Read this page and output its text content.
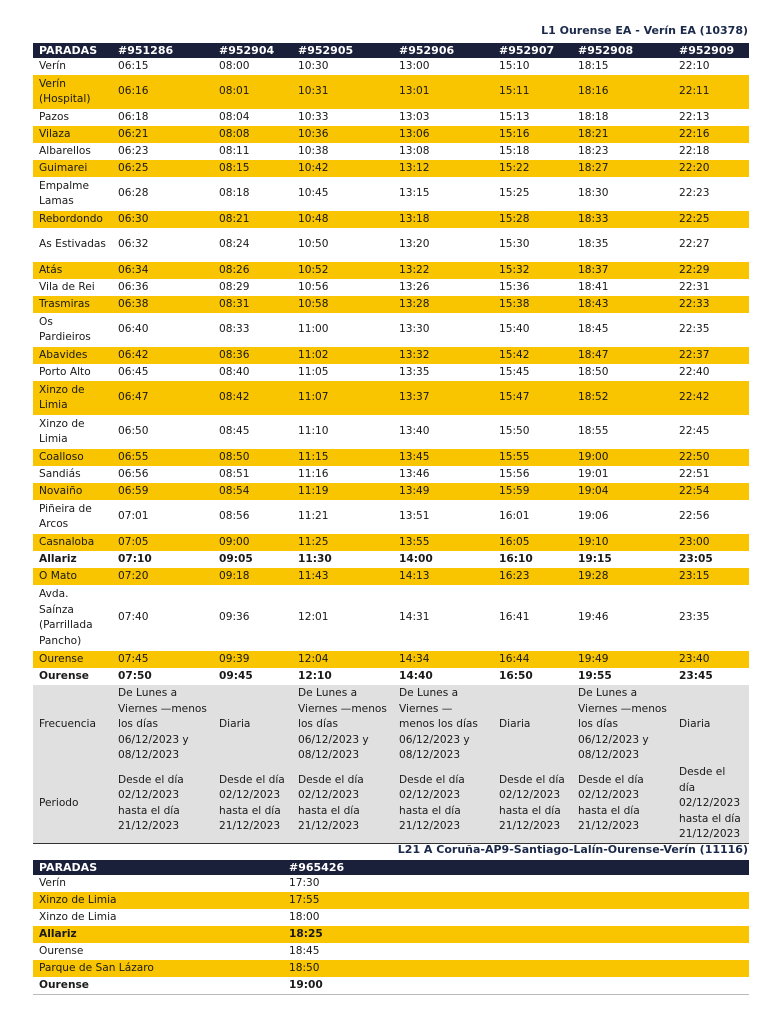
L1 Ourense EA - Verín EA (10378)
PARADAS	#951286	#952904	#952905	#952906	#952907	#952908	#952909
Verín	06:15	08:00	10:30	13:00	15:10	18:15	22:10
Verín (Hospital)	06:16	08:01	10:31	13:01	15:11	18:16	22:11
Pazos	06:18	08:04	10:33	13:03	15:13	18:18	22:13
Vilaza	06:21	08:08	10:36	13:06	15:16	18:21	22:16
Albarellos	06:23	08:11	10:38	13:08	15:18	18:23	22:18
Guimarei	06:25	08:15	10:42	13:12	15:22	18:27	22:20
Empalme Lamas	06:28	08:18	10:45	13:15	15:25	18:30	22:23
Rebordondo	06:30	08:21	10:48	13:18	15:28	18:33	22:25
As Estivadas	06:32	08:24	10:50	13:20	15:30	18:35	22:27
Atás	06:34	08:26	10:52	13:22	15:32	18:37	22:29
Vila de Rei	06:36	08:29	10:56	13:26	15:36	18:41	22:31
Trasmiras	06:38	08:31	10:58	13:28	15:38	18:43	22:33
Os Pardieiros	06:40	08:33	11:00	13:30	15:40	18:45	22:35
Abavides	06:42	08:36	11:02	13:32	15:42	18:47	22:37
Porto Alto	06:45	08:40	11:05	13:35	15:45	18:50	22:40
Xinzo de Limia	06:47	08:42	11:07	13:37	15:47	18:52	22:42
Xinzo de Limia	06:50	08:45	11:10	13:40	15:50	18:55	22:45
Coalloso	06:55	08:50	11:15	13:45	15:55	19:00	22:50
Sandiás	06:56	08:51	11:16	13:46	15:56	19:01	22:51
Novaiño	06:59	08:54	11:19	13:49	15:59	19:04	22:54
Piñeira de Arcos	07:01	08:56	11:21	13:51	16:01	19:06	22:56
Casnaloba	07:05	09:00	11:25	13:55	16:05	19:10	23:00
Allariz	07:10	09:05	11:30	14:00	16:10	19:15	23:05
O Mato	07:20	09:18	11:43	14:13	16:23	19:28	23:15
Avda. Saínza (Parrillada Pancho)	07:40	09:36	12:01	14:31	16:41	19:46	23:35
Ourense	07:45	09:39	12:04	14:34	16:44	19:49	23:40
Ourense	07:50	09:45	12:10	14:40	16:50	19:55	23:45
Frecuencia	De Lunes a Viernes —menos los días 06/12/2023 y 08/12/2023	Diaria	De Lunes a Viernes —menos los días 06/12/2023 y 08/12/2023	De Lunes a Viernes —menos los días 06/12/2023 y 08/12/2023	Diaria	De Lunes a Viernes —menos los días 06/12/2023 y 08/12/2023	Diaria
Periodo	Desde el día 02/12/2023 hasta el día 21/12/2023	Desde el día 02/12/2023 hasta el día 21/12/2023	Desde el día 02/12/2023 hasta el día 21/12/2023	Desde el día 02/12/2023 hasta el día 21/12/2023	Desde el día 02/12/2023 hasta el día 21/12/2023	Desde el día 02/12/2023 hasta el día 21/12/2023	Desde el día 02/12/2023 hasta el día 21/12/2023
L21 A Coruña-AP9-Santiago-Lalín-Ourense-Verín (11116)
PARADAS	#965426
Verín	17:30
Xinzo de Limia	17:55
Xinzo de Limia	18:00
Allariz	18:25
Ourense	18:45
Parque de San Lázaro	18:50
Ourense	19:00
